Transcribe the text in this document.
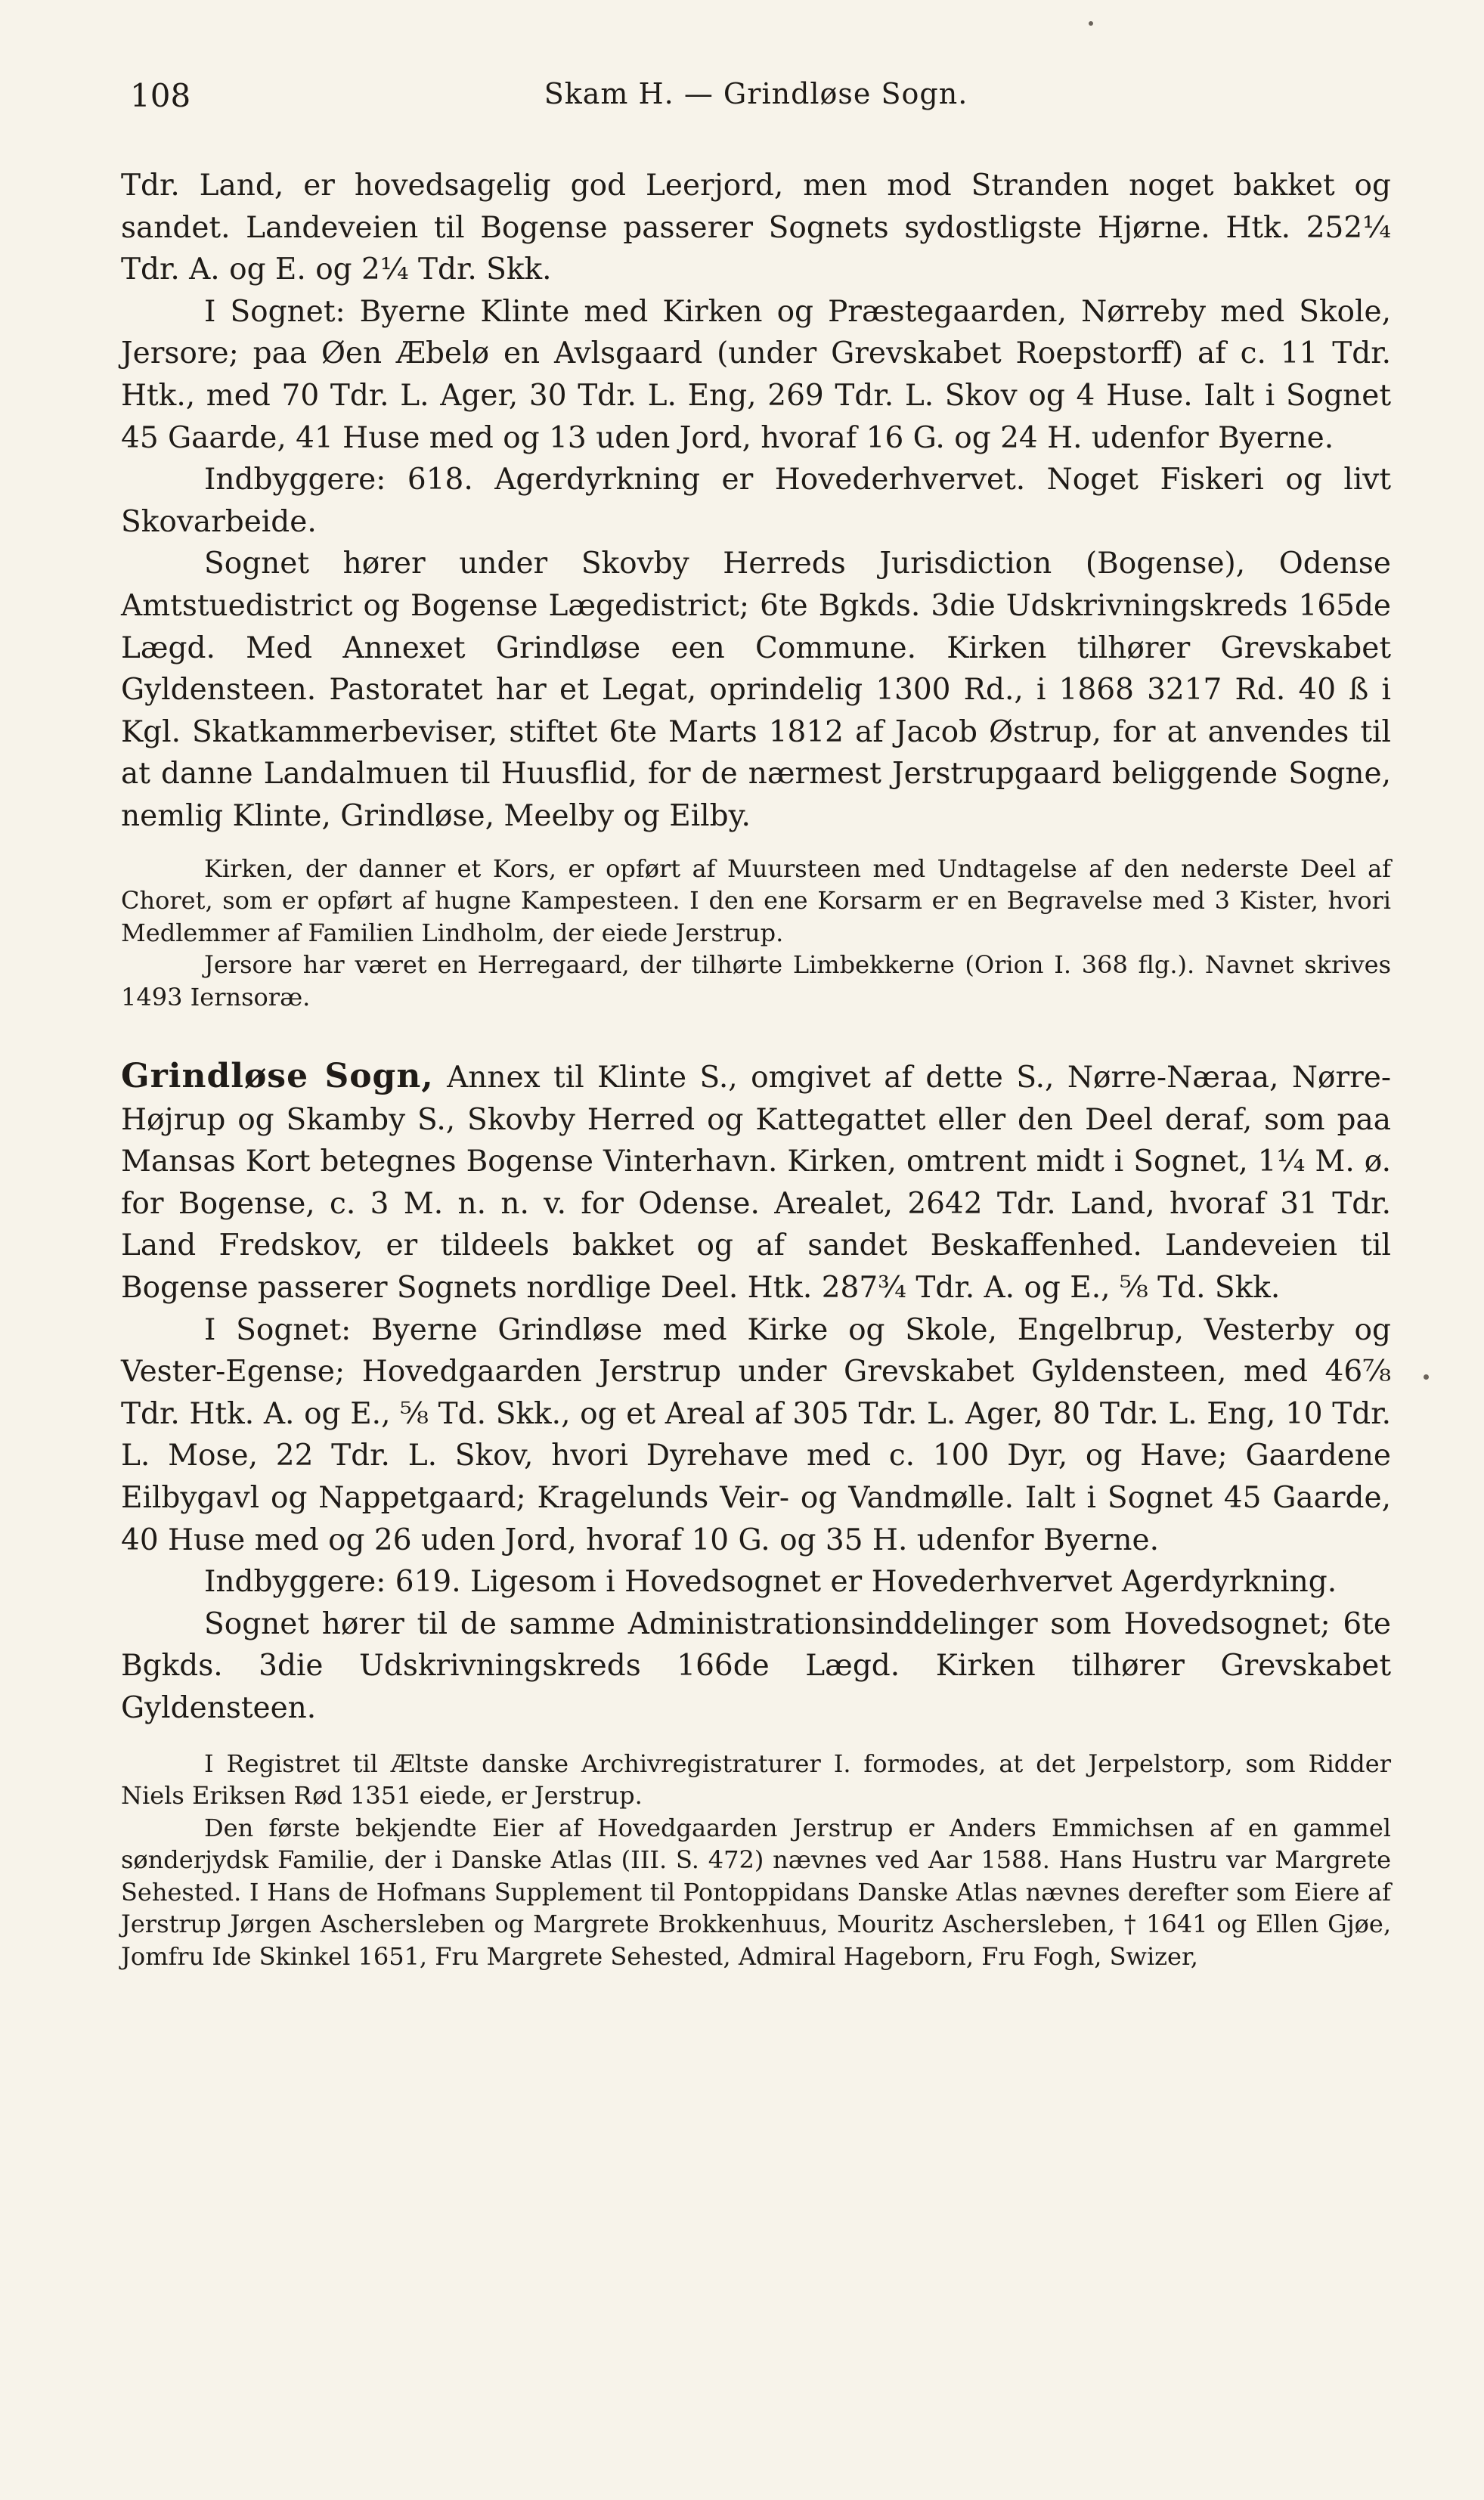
108	Skam H. — Grindløse Sogn.

Tdr. Land, er hovedsagelig god Leerjord, men mod Stranden noget bakket og sandet. Landeveien til Bogense passerer Sognets sydostligste Hjørne. Htk. 252¼ Tdr. A. og E. og 2¼ Tdr. Skk.

I Sognet: Byerne Klinte med Kirken og Præstegaarden, Nørreby med Skole, Jersore; paa Øen Æbelø en Avlsgaard (under Grevskabet Roepstorff) af c. 11 Tdr. Htk., med 70 Tdr. L. Ager, 30 Tdr. L. Eng, 269 Tdr. L. Skov og 4 Huse. Ialt i Sognet 45 Gaarde, 41 Huse med og 13 uden Jord, hvoraf 16 G. og 24 H. udenfor Byerne.

Indbyggere: 618. Agerdyrkning er Hovederhvervet. Noget Fiskeri og livt Skovarbeide.

Sognet hører under Skovby Herreds Jurisdiction (Bogense), Odense Amtstuedistrict og Bogense Lægedistrict; 6te Bgkds. 3die Udskrivningskreds 165de Lægd. Med Annexet Grindløse een Commune. Kirken tilhører Grevskabet Gyldensteen. Pastoratet har et Legat, oprindelig 1300 Rd., i 1868 3217 Rd. 40 ß i Kgl. Skatkammerbeviser, stiftet 6te Marts 1812 af Jacob Østrup, for at anvendes til at danne Landalmuen til Huusflid, for de nærmest Jerstrupgaard beliggende Sogne, nemlig Klinte, Grindløse, Meelby og Eilby.

Kirken, der danner et Kors, er opført af Muursteen med Undtagelse af den nederste Deel af Choret, som er opført af hugne Kampesteen. I den ene Korsarm er en Begravelse med 3 Kister, hvori Medlemmer af Familien Lindholm, der eiede Jerstrup.

Jersore har været en Herregaard, der tilhørte Limbekkerne (Orion I. 368 flg.). Navnet skrives 1493 Iernsoræ.

Grindløse Sogn, Annex til Klinte S., omgivet af dette S., Nørre-Næraa, Nørre-Højrup og Skamby S., Skovby Herred og Kattegattet eller den Deel deraf, som paa Mansas Kort betegnes Bogense Vinterhavn. Kirken, omtrent midt i Sognet, 1¼ M. ø. for Bogense, c. 3 M. n. n. v. for Odense. Arealet, 2642 Tdr. Land, hvoraf 31 Tdr. Land Fredskov, er tildeels bakket og af sandet Beskaffenhed. Landeveien til Bogense passerer Sognets nordlige Deel. Htk. 287¾ Tdr. A. og E., ⅝ Td. Skk.

I Sognet: Byerne Grindløse med Kirke og Skole, Engelbrup, Vesterby og Vester-Egense; Hovedgaarden Jerstrup under Grevskabet Gyldensteen, med 46⅞ Tdr. Htk. A. og E., ⅝ Td. Skk., og et Areal af 305 Tdr. L. Ager, 80 Tdr. L. Eng, 10 Tdr. L. Mose, 22 Tdr. L. Skov, hvori Dyrehave med c. 100 Dyr, og Have; Gaardene Eilbygavl og Nappetgaard; Kragelunds Veir- og Vandmølle. Ialt i Sognet 45 Gaarde, 40 Huse med og 26 uden Jord, hvoraf 10 G. og 35 H. udenfor Byerne.

Indbyggere: 619. Ligesom i Hovedsognet er Hovederhvervet Agerdyrkning.

Sognet hører til de samme Administrationsinddelinger som Hovedsognet; 6te Bgkds. 3die Udskrivningskreds 166de Lægd. Kirken tilhører Grevskabet Gyldensteen.

I Registret til Æltste danske Archivregistraturer I. formodes, at det Jerpelstorp, som Ridder Niels Eriksen Rød 1351 eiede, er Jerstrup.

Den første bekjendte Eier af Hovedgaarden Jerstrup er Anders Emmichsen af en gammel sønderjydsk Familie, der i Danske Atlas (III. S. 472) nævnes ved Aar 1588. Hans Hustru var Margrete Sehested. I Hans de Hofmans Supplement til Pontoppidans Danske Atlas nævnes derefter som Eiere af Jerstrup Jørgen Aschersleben og Margrete Brokkenhuus, Mouritz Aschersleben, † 1641 og Ellen Gjøe, Jomfru Ide Skinkel 1651, Fru Margrete Sehested, Admiral Hageborn, Fru Fogh, Swizer,
